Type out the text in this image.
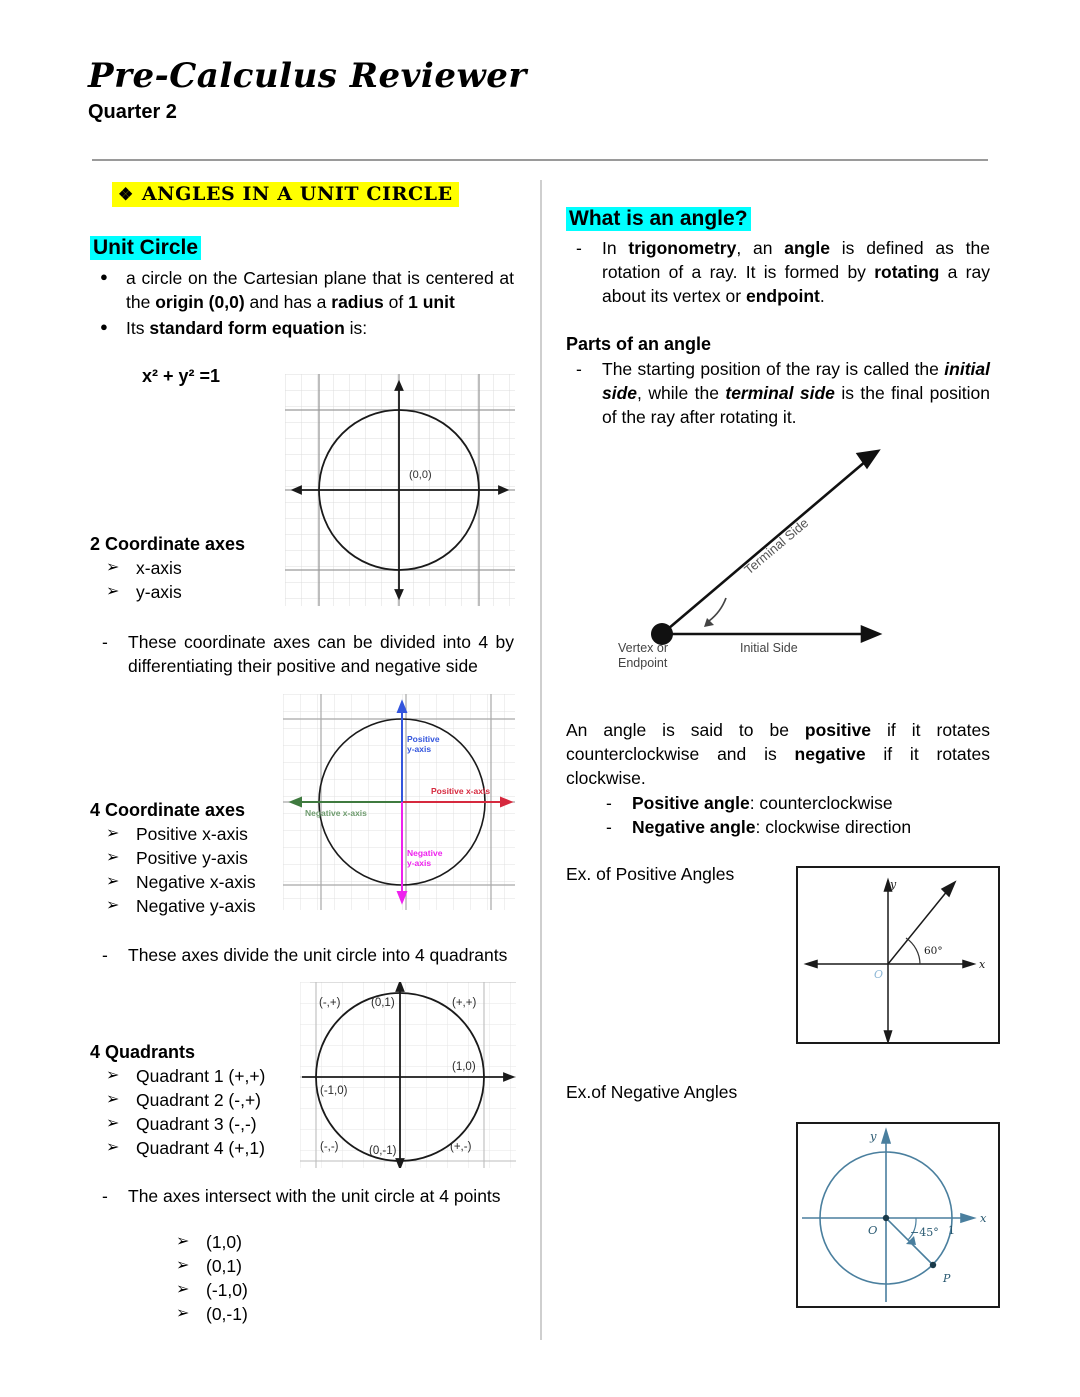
Pre-Calculus Reviewer
Quarter 2
❖ ANGLES IN A UNIT CIRCLE
Unit Circle
● a circle on the Cartesian plane that is centered at the origin (0,0) and has a radius of 1 unit
● Its standard form equation is:
x² + y² =1
(0,0)
2 Coordinate axes
➢ x-axis
➢ y-axis
- These coordinate axes can be divided into 4 by differentiating their positive and negative side
Positive
y-axis
Positive x-axis
Negative x-axis
Negative
y-axis
4 Coordinate axes
➢ Positive x-axis
➢ Positive y-axis
➢ Negative x-axis
➢ Negative y-axis
- These axes divide the unit circle into 4 quadrants
(-,+)	(0,1)	(+,+)
(1,0)
(-1,0)
(-,-)	(0,-1)	(+,-)
4 Quadrants
➢ Quadrant 1 (+,+)
➢ Quadrant 2 (-,+)
➢ Quadrant 3 (-,-)
➢ Quadrant 4 (+,1)
- The axes intersect with the unit circle at 4 points
➢ (1,0)
➢ (0,1)
➢ (-1,0)
➢ (0,-1)
What is an angle?
- In trigonometry, an angle is defined as the rotation of a ray. It is formed by rotating a ray about its vertex or endpoint.
Parts of an angle
- The starting position of the ray is called the initial side, while the terminal side is the final position of the ray after rotating it.
Terminal Side
Initial Side
Vertex or
Endpoint
An angle is said to be positive if it rotates counterclockwise and is negative if it rotates clockwise.
- Positive angle: counterclockwise
- Negative angle: clockwise direction
Ex. of Positive Angles
60°
y
x
O
Ex.of Negative Angles
−45°
O
P
1
y
x
